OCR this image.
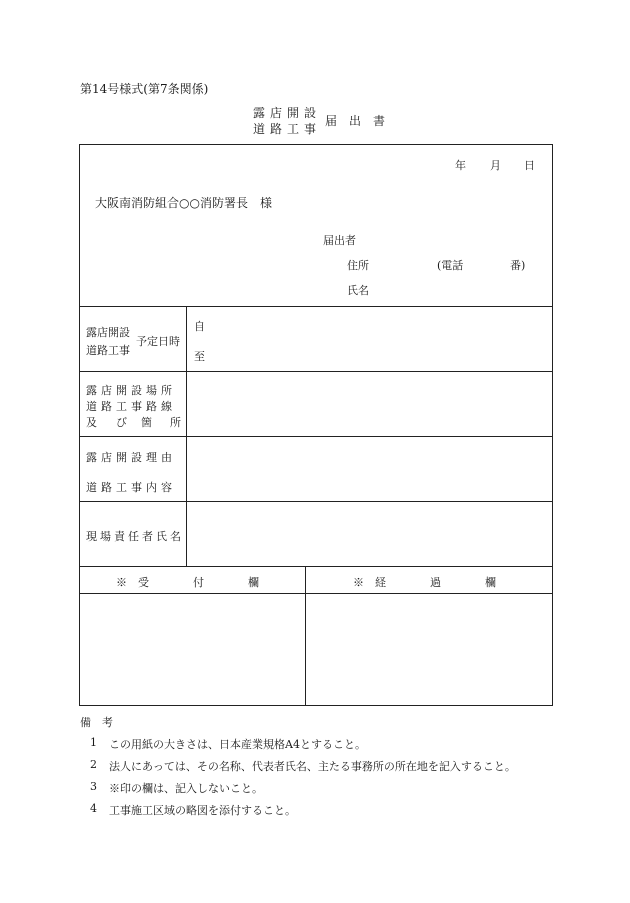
第14号様式(第7条関係)
露店開設
道路工事
届　出　書
年 月 日
大阪南消防組合○○消防署長　様
届出者
住所	(電話	番)
氏名
露店開設
道路工事
予定日時
自
至
露店開設場所
道路工事路線
及 び 箇 所
露店開設理由
道路工事内容
現場責任者氏名
※　受　　　　付　　　　欄	※　経　　　　過　　　　欄
備　考
1 この用紙の大きさは、日本産業規格A4とすること。
2 法人にあっては、その名称、代表者氏名、主たる事務所の所在地を記入すること。
3 ※印の欄は、記入しないこと。
4 工事施工区域の略図を添付すること。
